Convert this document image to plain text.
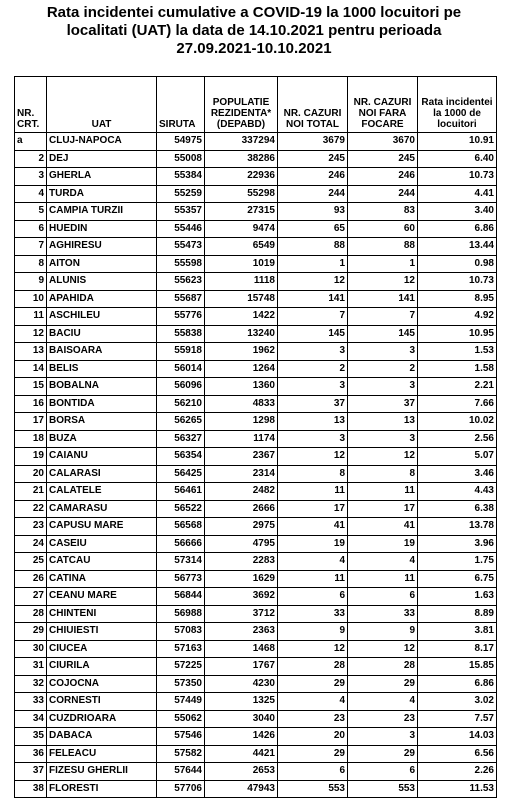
Rata incidentei cumulative a COVID-19 la 1000 locuitori pe
localitati (UAT) la data de 14.10.2021 pentru perioada
27.09.2021-10.10.2021
NR. CRT.	UAT	SIRUTA	POPULATIE REZIDENTA* (DEPABD)	NR. CAZURI NOI TOTAL	NR. CAZURI NOI FARA FOCARE	Rata incidentei la 1000 de locuitori
a	CLUJ-NAPOCA	54975	337294	3679	3670	10.91
2	DEJ	55008	38286	245	245	6.40
3	GHERLA	55384	22936	246	246	10.73
4	TURDA	55259	55298	244	244	4.41
5	CAMPIA TURZII	55357	27315	93	83	3.40
6	HUEDIN	55446	9474	65	60	6.86
7	AGHIRESU	55473	6549	88	88	13.44
8	AITON	55598	1019	1	1	0.98
9	ALUNIS	55623	1118	12	12	10.73
10	APAHIDA	55687	15748	141	141	8.95
11	ASCHILEU	55776	1422	7	7	4.92
12	BACIU	55838	13240	145	145	10.95
13	BAISOARA	55918	1962	3	3	1.53
14	BELIS	56014	1264	2	2	1.58
15	BOBALNA	56096	1360	3	3	2.21
16	BONTIDA	56210	4833	37	37	7.66
17	BORSA	56265	1298	13	13	10.02
18	BUZA	56327	1174	3	3	2.56
19	CAIANU	56354	2367	12	12	5.07
20	CALARASI	56425	2314	8	8	3.46
21	CALATELE	56461	2482	11	11	4.43
22	CAMARASU	56522	2666	17	17	6.38
23	CAPUSU MARE	56568	2975	41	41	13.78
24	CASEIU	56666	4795	19	19	3.96
25	CATCAU	57314	2283	4	4	1.75
26	CATINA	56773	1629	11	11	6.75
27	CEANU MARE	56844	3692	6	6	1.63
28	CHINTENI	56988	3712	33	33	8.89
29	CHIUIESTI	57083	2363	9	9	3.81
30	CIUCEA	57163	1468	12	12	8.17
31	CIURILA	57225	1767	28	28	15.85
32	COJOCNA	57350	4230	29	29	6.86
33	CORNESTI	57449	1325	4	4	3.02
34	CUZDRIOARA	55062	3040	23	23	7.57
35	DABACA	57546	1426	20	3	14.03
36	FELEACU	57582	4421	29	29	6.56
37	FIZESU GHERLII	57644	2653	6	6	2.26
38	FLORESTI	57706	47943	553	553	11.53
